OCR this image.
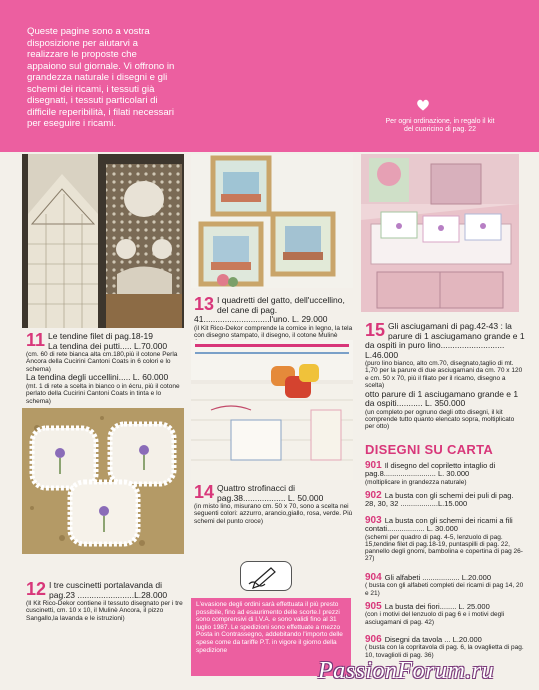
Queste pagine sono a vostra disposizione per aiutarvi a realizzare le proposte che appaiono sul giornale. Vi offrono in grandezza naturale i disegni e gli schemi dei ricami, i tessuti già disegnati, i tessuti particolari di difficile reperibilità, i filati necessari per eseguire i ricami.	Per ogni ordinazione, in regalo il kit del cuoricino di pag. 22
11 Le tendine filet di pag.18-19
La tendina dei putti..... L.70.000
(cm. 60 di rete bianca alta cm.180,più il cotone Perla Ancora della Cucirini Cantoni Coats in 6 colori e lo schema)
La tendina degli uccellini..... L. 60.000
(mt. 1 di rete a scelta in bianco o in écru, più il cotone perlato della Cucirini Cantoni Coats in tinta e lo schema)
12 I tre cuscinetti portalavanda di pag.23 ........................L.28.000
(Il Kit Rico-Dekor contiene il tessuto disegnato per i tre cuscinetti, cm. 10 x 10, il Mulinè Ancora, il pizzo Sangallo,la lavanda e le istruzioni)
13 I quadretti del gatto, dell'uccellino, del cane di pag. 41............................l'uno. L. 29.000
(il Kit Rico-Dekor comprende la cornice in legno, la tela con disegno stampato, il disegno, il cotone Mulinè
14 Quattro strofinacci di pag.38.................. L. 50.000
(in misto lino, misurano cm. 50 x 70, sono a scelta nei seguenti colori: azzurro, arancio,giallo, rosa, verde. Più schemi del punto croce)
L'evasione degli ordini sarà effettuata il più presto possibile, fino ad esaurimento delle scorte.I prezzi sono comprensivi di I.V.A. e sono validi fino al 31 luglio 1987. Le spedizioni sono effettuate a mezzo Posta in Contrassegno, addebitando l'importo delle spese come da tariffe P.T. in vigore il giorno della spedizione
15 Gli asciugamani di pag.42-43 : la parure di 1 asciugamano grande e 1 da ospiti in puro lino........................... L.46.000
(puro lino bianco, alto cm.70, disegnato,taglio di mt. 1,70 per la parure di due asciugamani da cm. 70 x 120 e cm. 50 x 70, più il filato per il ricamo, disegno a scelta)
otto parure di 1 asciugamano grande e 1 da ospiti........... L. 350.000
(un completo per ognuno degli otto disegni, il kit comprende tutto quanto elencato sopra, moltiplicato per otto)
DISEGNI SU CARTA
901 Il disegno del copriletto intaglio di pag.8......................... L. 30.000
(moltiplicare in grandezza naturale)
902 La busta con gli schemi dei puli di pag. 28, 30, 32 ..................L.15.000
903 La busta con gli schemi dei ricami a fili contati.................. L. 30.000
(schemi per quadro di pag. 4-5, lenzuolo di pag. 15,tendine filet di pag.18-19, puntaspilli di pag. 22, pannello degli gnomi, bambolina e copertina di pag 26-27)
904 Gli alfabeti .................. L.20.000
( busta con gli alfabeti completi dei ricami di pag 14, 20 e 21)
905 La busta dei fiori........ L. 25.000
(con i motivi del lenzuolo di pag 6 e i motivi degli asciugamani di pag. 42)
906 Disegni da tavola ... L.20.000
( busta con la copritavola di pag. 6, la ovaglietta di pag. 10, tovaglioli di pag. 36)
PassionForum.ru
